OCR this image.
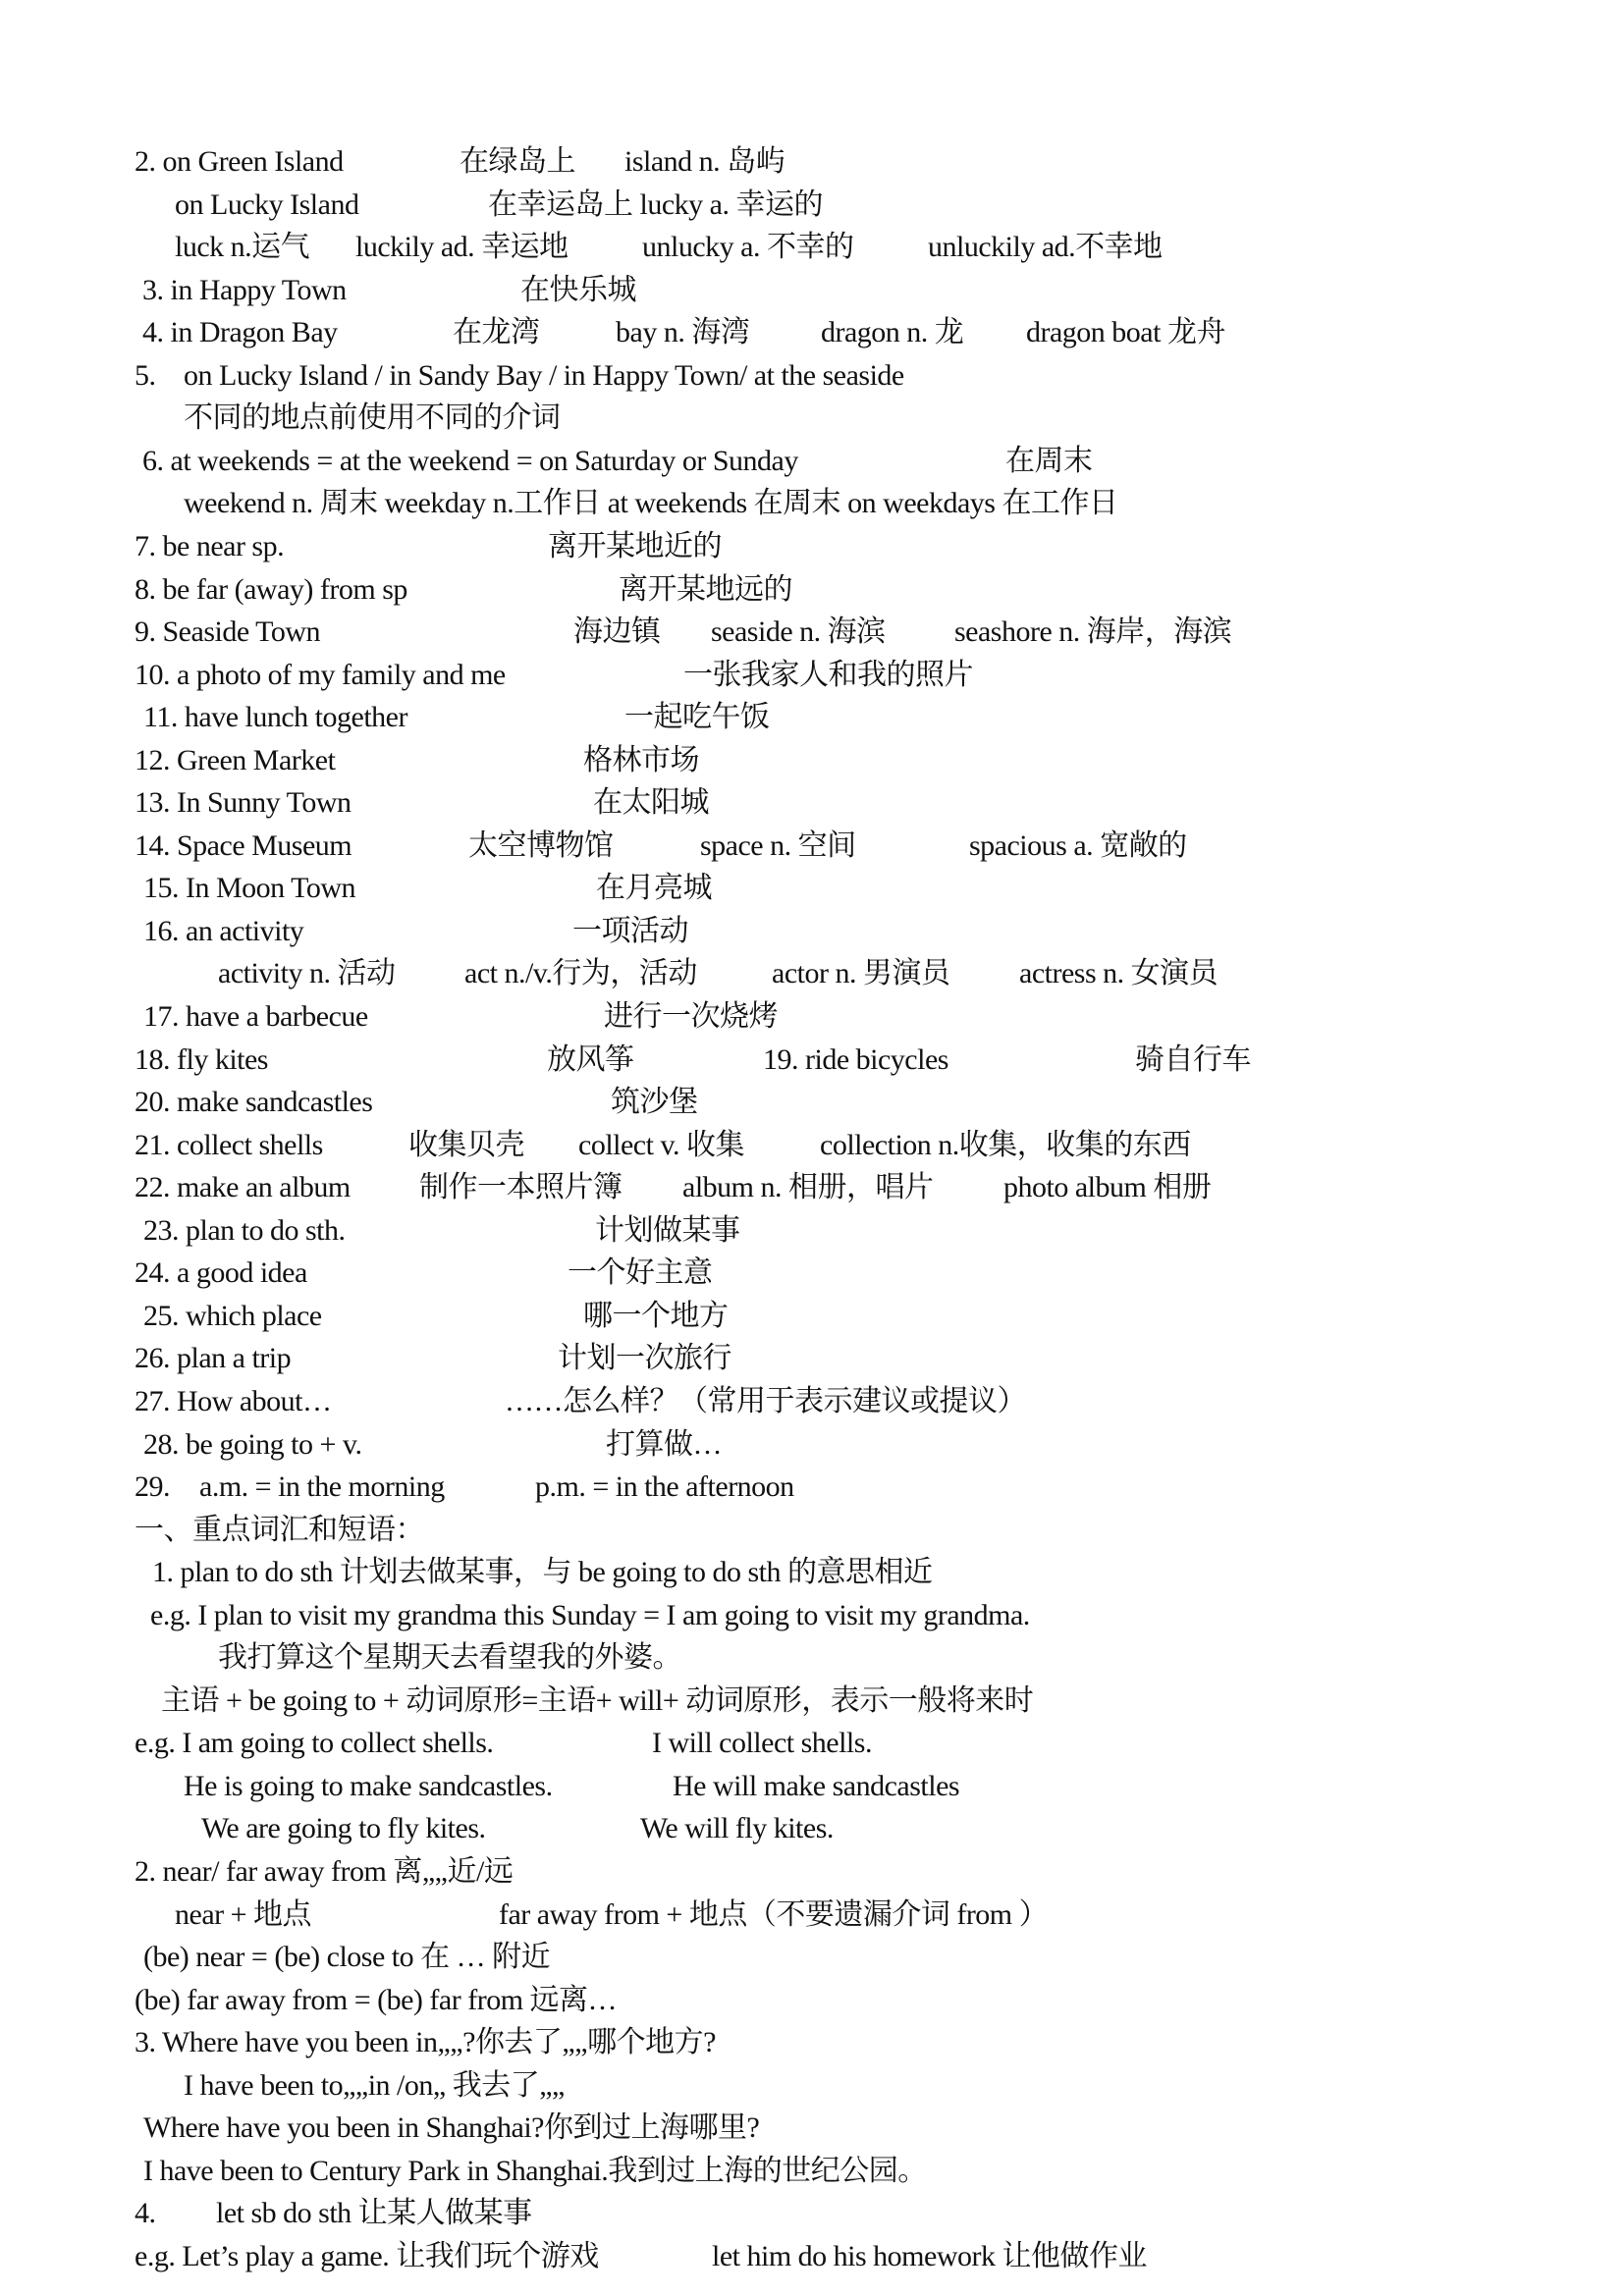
2. on Green Island	在绿岛上 island n. 岛屿
on Lucky Island	在幸运岛上 lucky a. 幸运的
luck n.运气 luckily ad. 幸运地	unlucky a. 不幸的	unluckily ad.不幸地
3. in Happy Town	在快乐城
4. in Dragon Bay	在龙湾	bay n. 海湾 dragon n. 龙 dragon boat 龙舟
5. on Lucky Island / in Sandy Bay / in Happy Town/ at the seaside
不同的地点前使用不同的介词
6. at weekends = at the weekend = on Saturday or Sunday	在周末
weekend n. 周末 weekday n.工作日 at weekends 在周末 on weekdays 在工作日
7. be near sp.	离开某地近的
8. be far (away) from sp	离开某地远的
9. Seaside Town	海边镇 seaside n. 海滨 seashore n. 海岸，海滨
10. a photo of my family and me	一张我家人和我的照片
11. have lunch together	一起吃午饭
12. Green Market	格林市场
13. In Sunny Town	在太阳城
14. Space Museum	太空博物馆	space n. 空间	spacious a. 宽敞的
15. In Moon Town	在月亮城
16. an activity	一项活动
activity n. 活动 act n./v.行为，活动	actor n. 男演员 actress n. 女演员
17. have a barbecue	进行一次烧烤
18. fly kites	放风筝	19. ride bicycles	骑自行车
20. make sandcastles	筑沙堡
21. collect shells	收集贝壳 collect v. 收集	collection n.收集，收集的东西
22. make an album 制作一本照片簿 album n. 相册，唱片 photo album 相册
23. plan to do sth.	计划做某事
24. a good idea	一个好主意
25. which place	哪一个地方
26. plan a trip	计划一次旅行
27. How about…	……怎么样？（常用于表示建议或提议）
28. be going to + v.	打算做…
29. a.m. = in the morning	p.m. = in the afternoon
一、重点词汇和短语：
1. plan to do sth 计划去做某事，与 be going to do sth 的意思相近
e.g. I plan to visit my grandma this Sunday = I am going to visit my grandma.
我打算这个星期天去看望我的外婆。
主语 + be going to + 动词原形=主语+ will+ 动词原形，表示一般将来时
e.g. I am going to collect shells.	I will collect shells.
He is going to make sandcastles.	He will make sandcastles
We are going to fly kites.	We will fly kites.
2. near/ far away from 离„„近/远
near + 地点	far away from + 地点（不要遗漏介词 from ）
(be) near = (be) close to 在 … 附近
(be) far away from = (be) far from 远离…
3. Where have you been in„„?你去了„„哪个地方?
I have been to„„in /on„ 我去了„„
Where have you been in Shanghai?你到过上海哪里?
I have been to Century Park in Shanghai.我到过上海的世纪公园。
4. let sb do sth 让某人做某事
e.g. Let’s play a game. 让我们玩个游戏	let him do his homework 让他做作业
